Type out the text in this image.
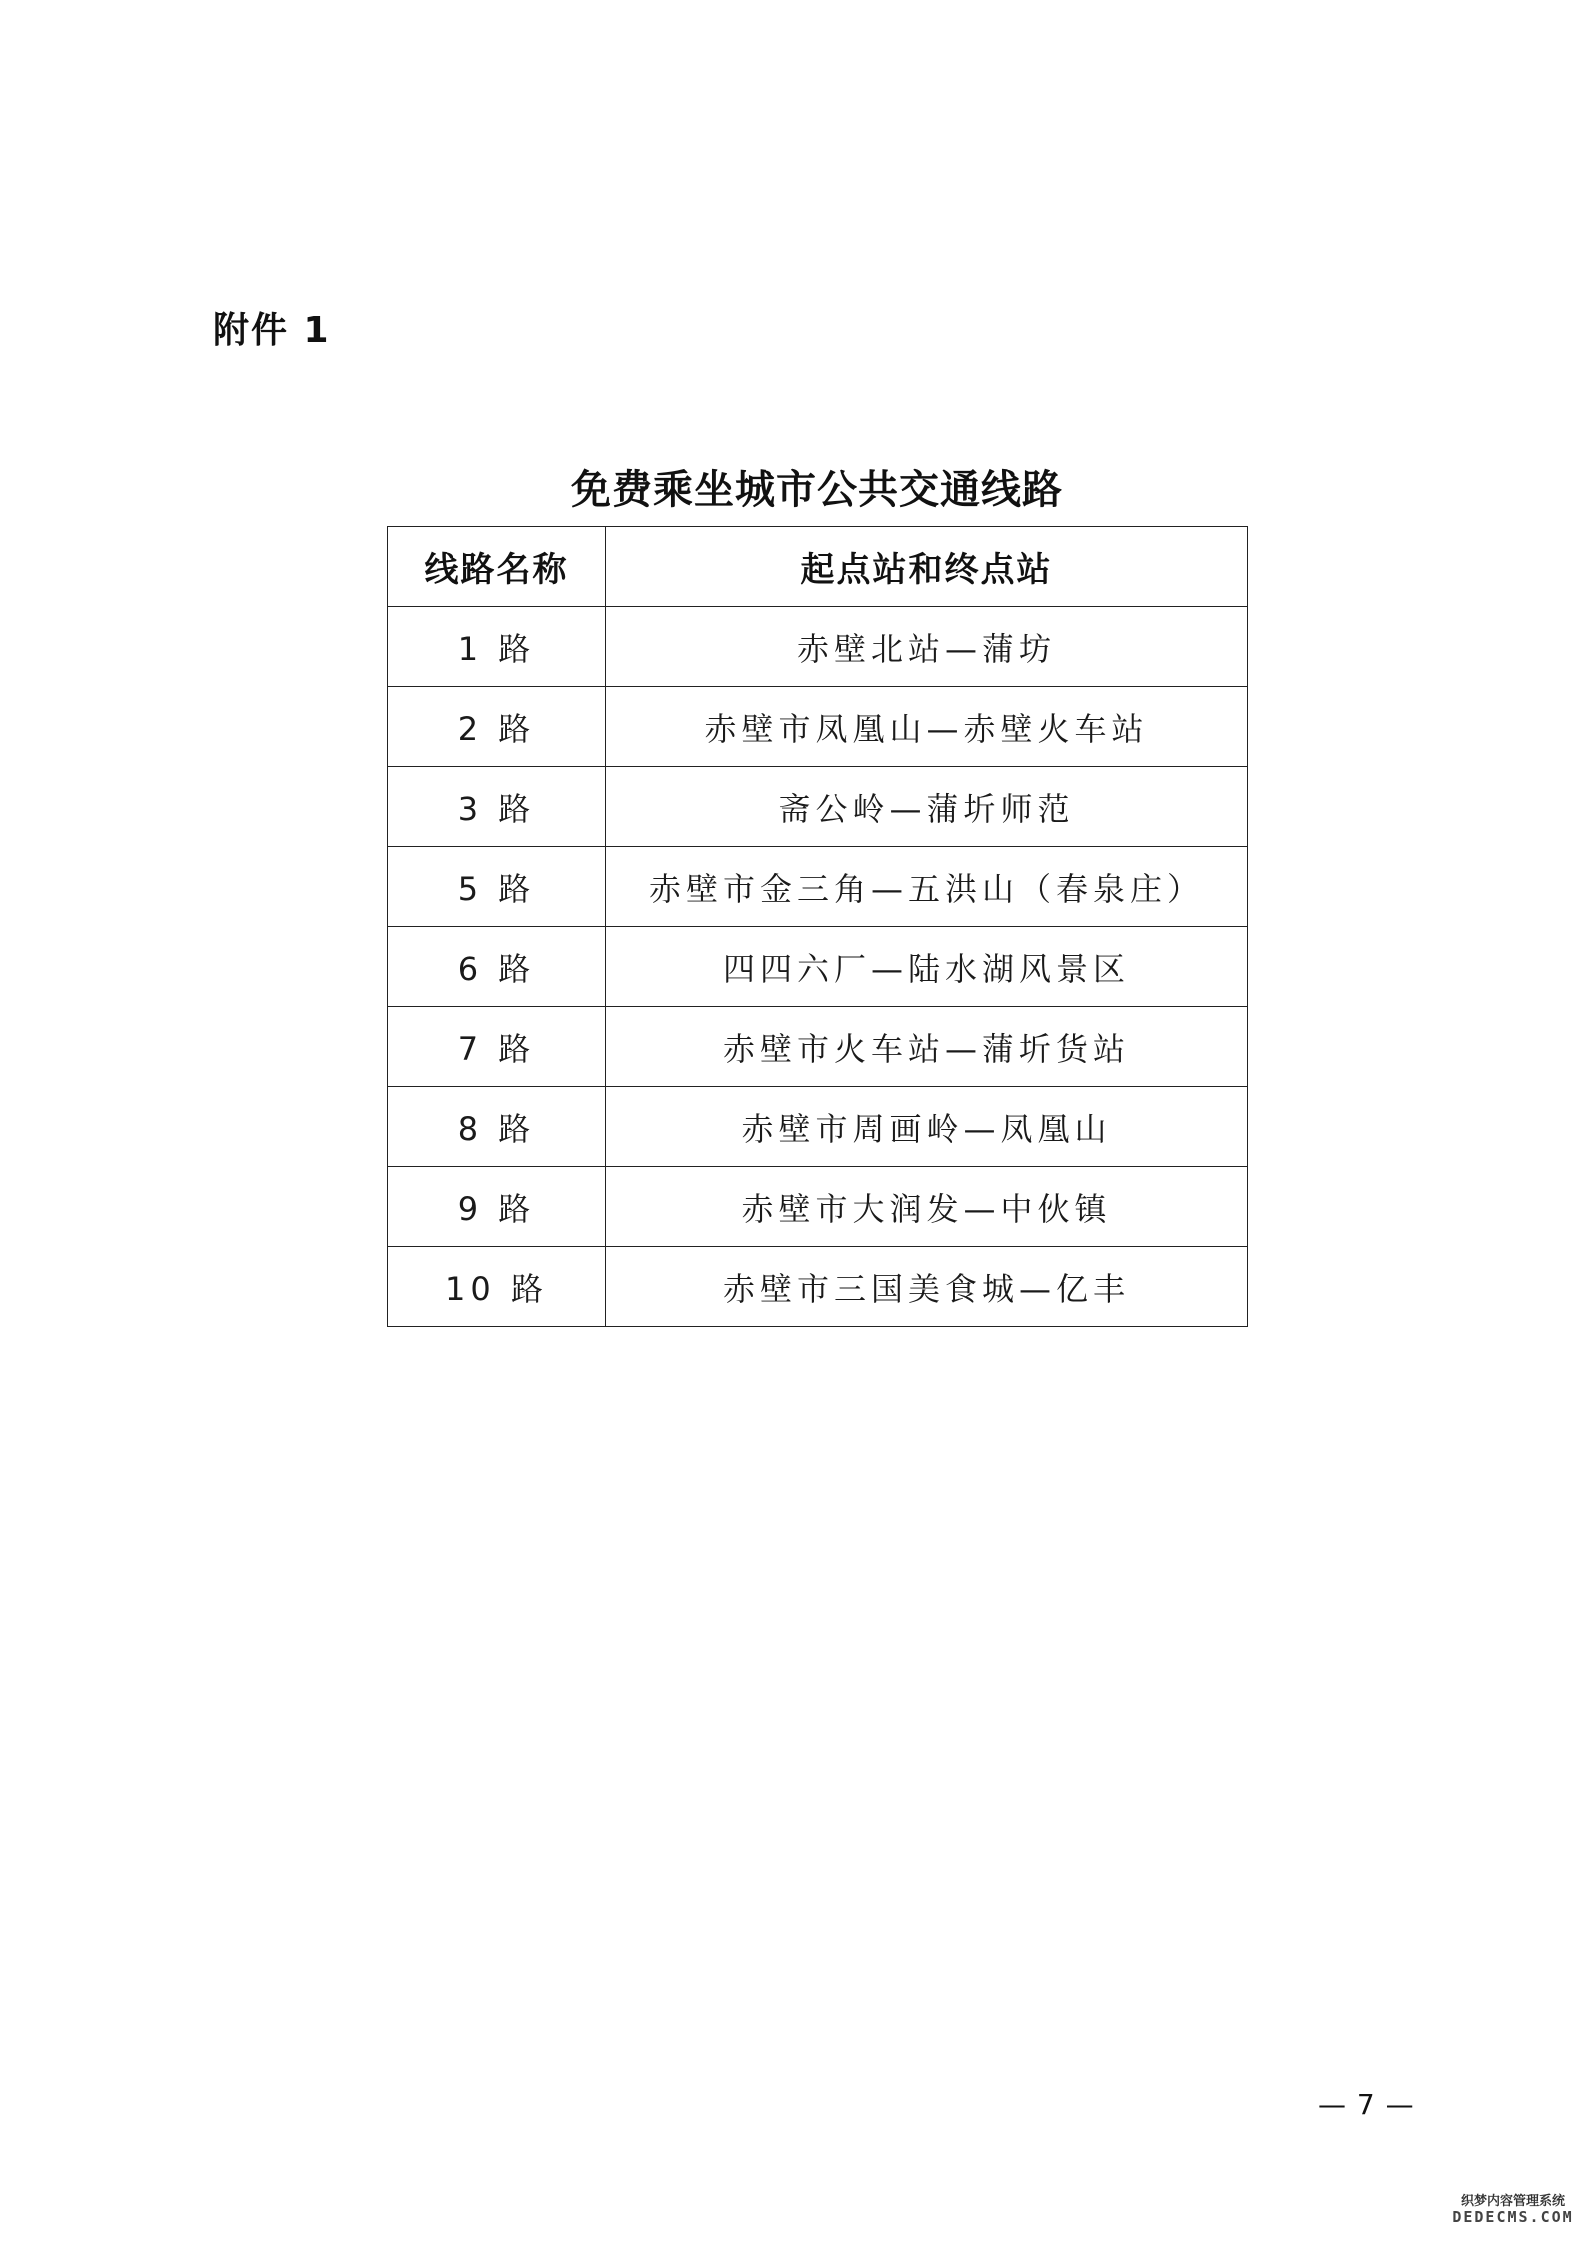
附件 1
免费乘坐城市公共交通线路
线路名称	起点站和终点站
1 路	赤壁北站—蒲坊
2 路	赤壁市凤凰山—赤壁火车站
3 路	斋公岭—蒲圻师范
5 路	赤壁市金三角—五洪山（春泉庄）
6 路	四四六厂—陆水湖风景区
7 路	赤壁市火车站—蒲圻货站
8 路	赤壁市周画岭—凤凰山
9 路	赤壁市大润发—中伙镇
10 路	赤壁市三国美食城—亿丰
— 7 —
织梦内容管理系统
DEDECMS.COM
